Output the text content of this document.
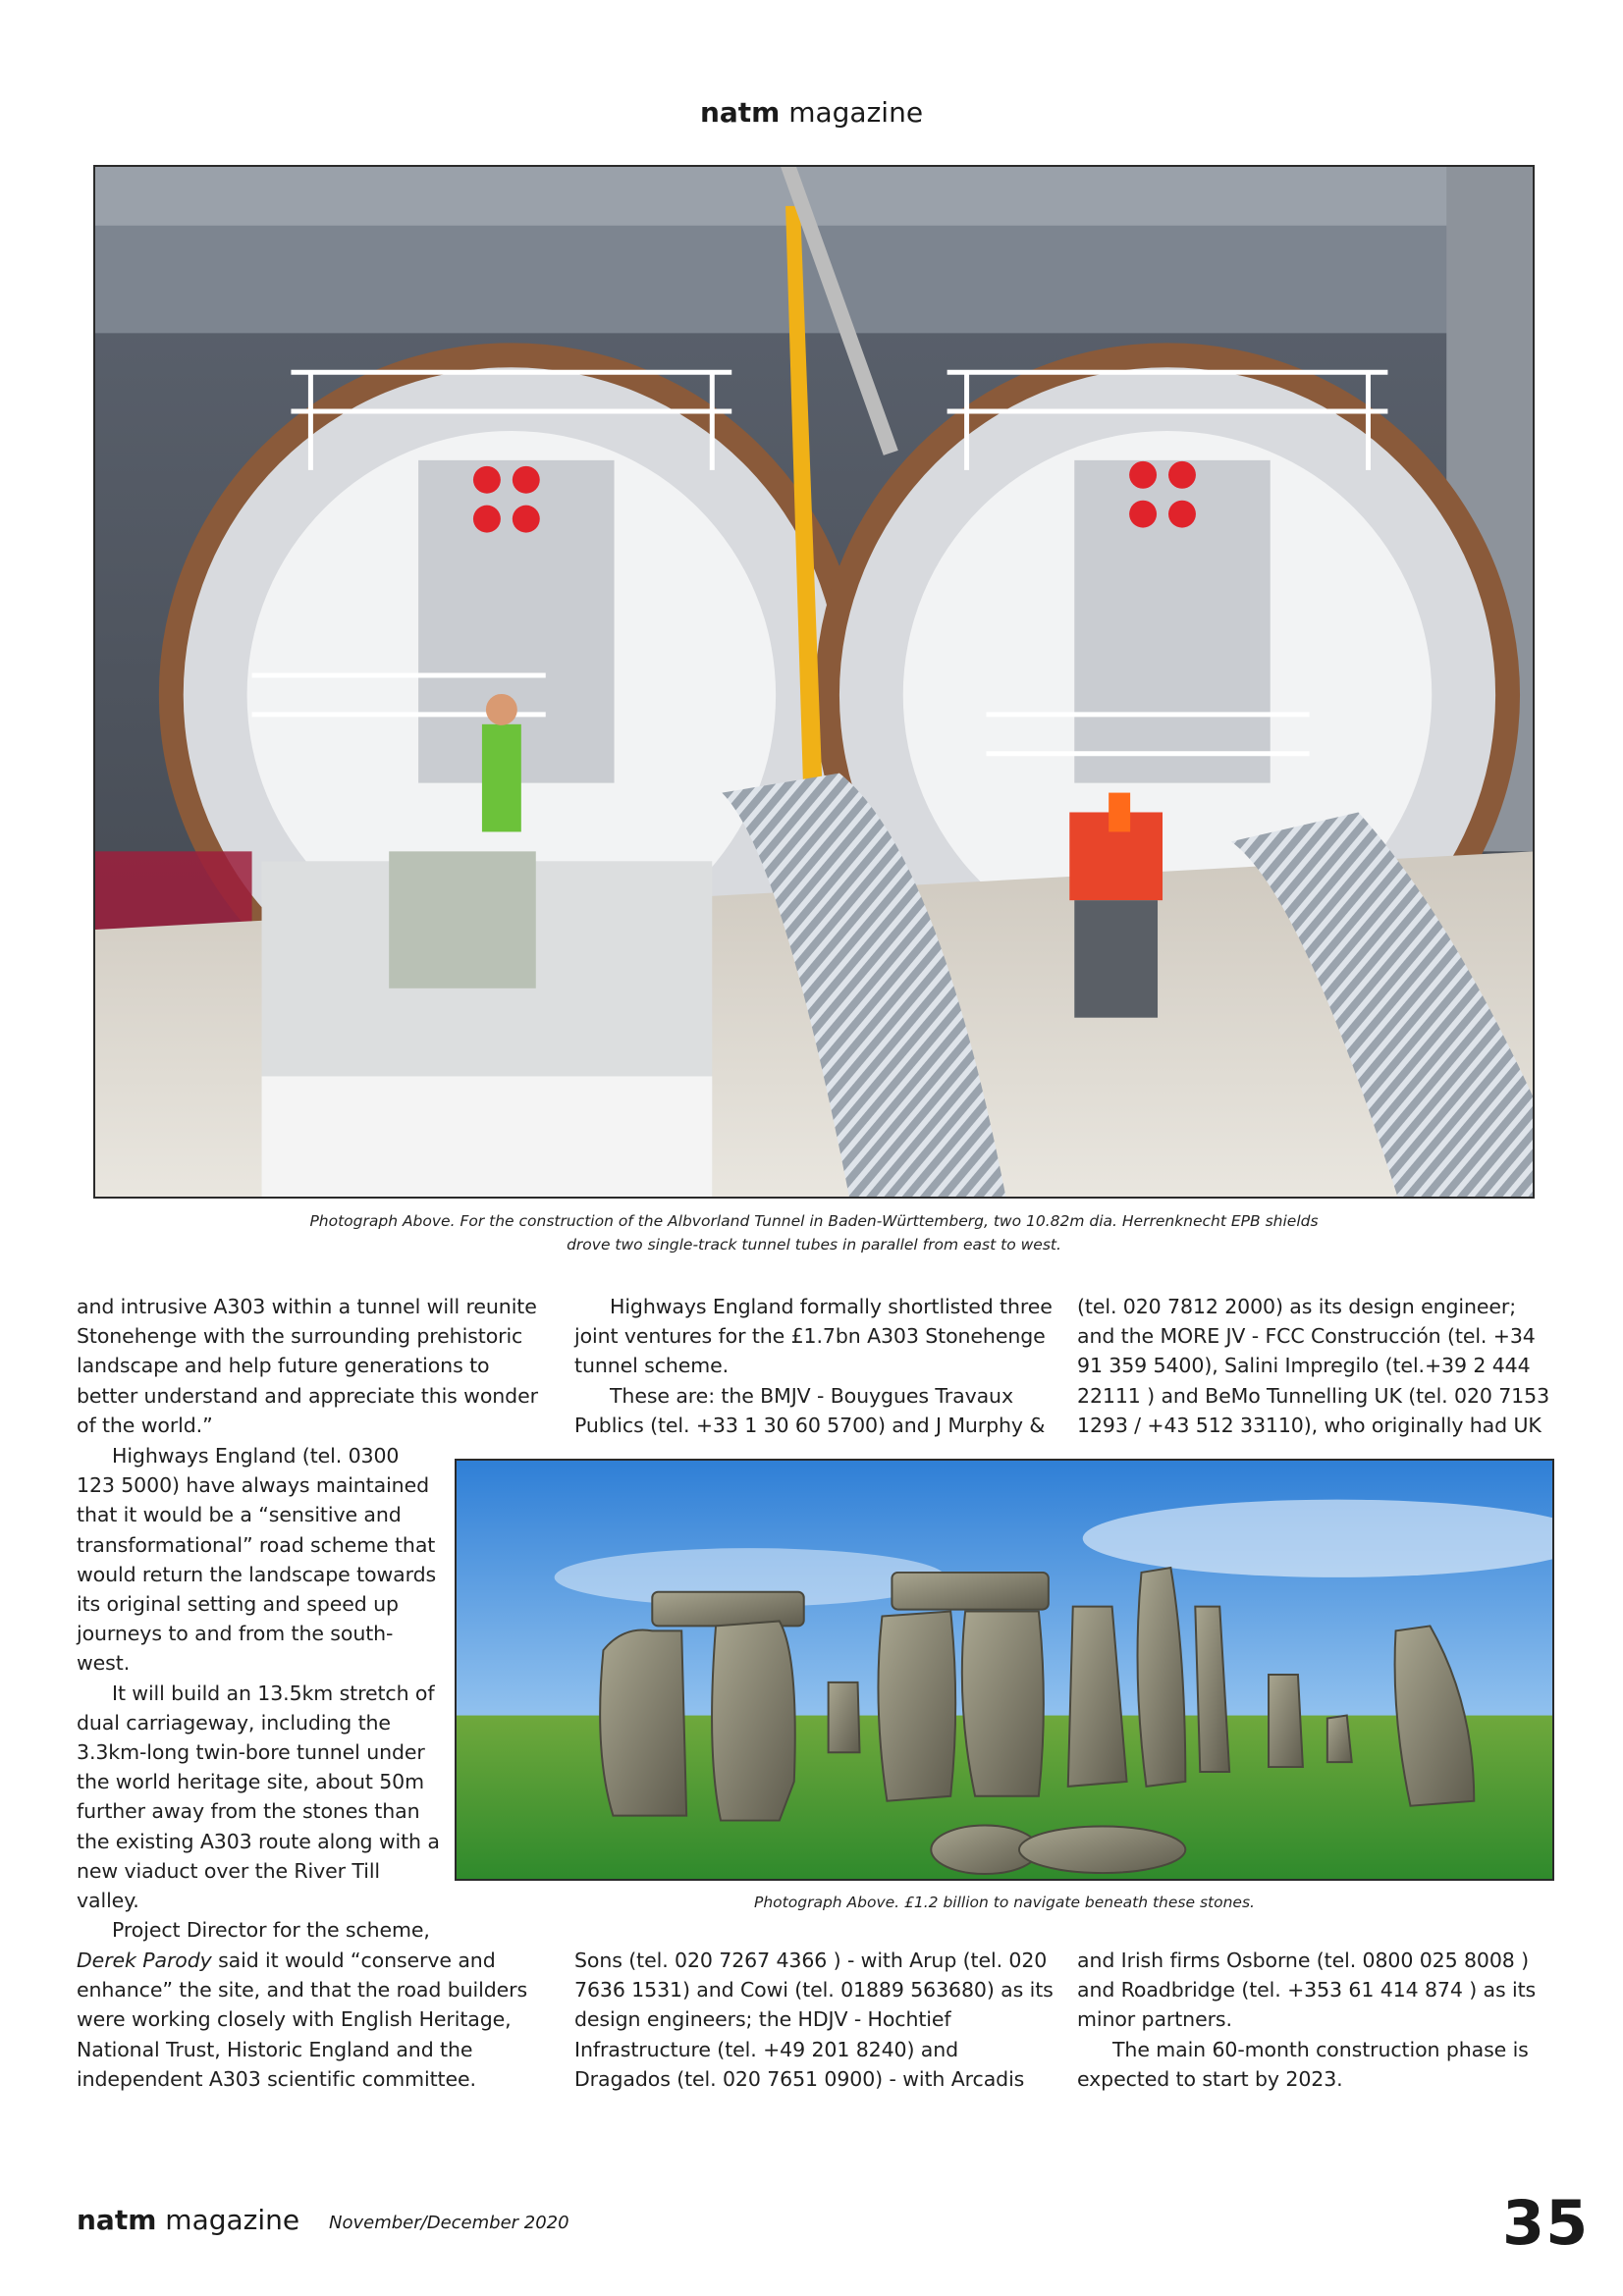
natm magazine
Photograph Above. For the construction of the Albvorland Tunnel in Baden-Württemberg, two 10.82m dia. Herrenknecht EPB shields
drove two single-track tunnel tubes in parallel from east to west.

and intrusive A303 within a tunnel will reunite Stonehenge with the surrounding prehistoric landscape and help future generations to better understand and appreciate this wonder of the world.”

Highways England (tel. 0300 123 5000) have always maintained that it would be a “sensitive and transformational” road scheme that would return the landscape towards its original setting and speed up journeys to and from the south-west.

It will build an 13.5km stretch of dual carriageway, including the 3.3km-long twin-bore tunnel under the world heritage site, about 50m further away from the stones than the existing A303 route along with a new viaduct over the River Till valley.

Project Director for the scheme,

Derek Parody said it would “conserve and enhance” the site, and that the road builders were working closely with English Heritage, National Trust, Historic England and the independent A303 scientific committee.

Highways England formally shortlisted three joint ventures for the £1.7bn A303 Stonehenge tunnel scheme.

These are: the BMJV - Bouygues Travaux Publics (tel. +33 1 30 60 5700) and J Murphy &

(tel. 020 7812 2000) as its design engineer; and the MORE JV - FCC Construcción (tel. +34 91 359 5400), Salini Impregilo (tel.+39 2 444 22111 ) and BeMo Tunnelling UK (tel. 020 7153 1293 / +43 512 33110), who originally had UK

Photograph Above. £1.2 billion to navigate beneath these stones.

Sons (tel. 020 7267 4366 ) - with Arup (tel. 020 7636 1531) and Cowi (tel. 01889 563680) as its design engineers; the HDJV - Hochtief Infrastructure (tel. +49 201 8240) and Dragados (tel. 020 7651 0900) - with Arcadis

and Irish firms Osborne (tel. 0800 025 8008 ) and Roadbridge (tel. +353 61 414 874 ) as its minor partners.

The main 60-month construction phase is expected to start by 2023.

natm magazine November/December 2020	35
